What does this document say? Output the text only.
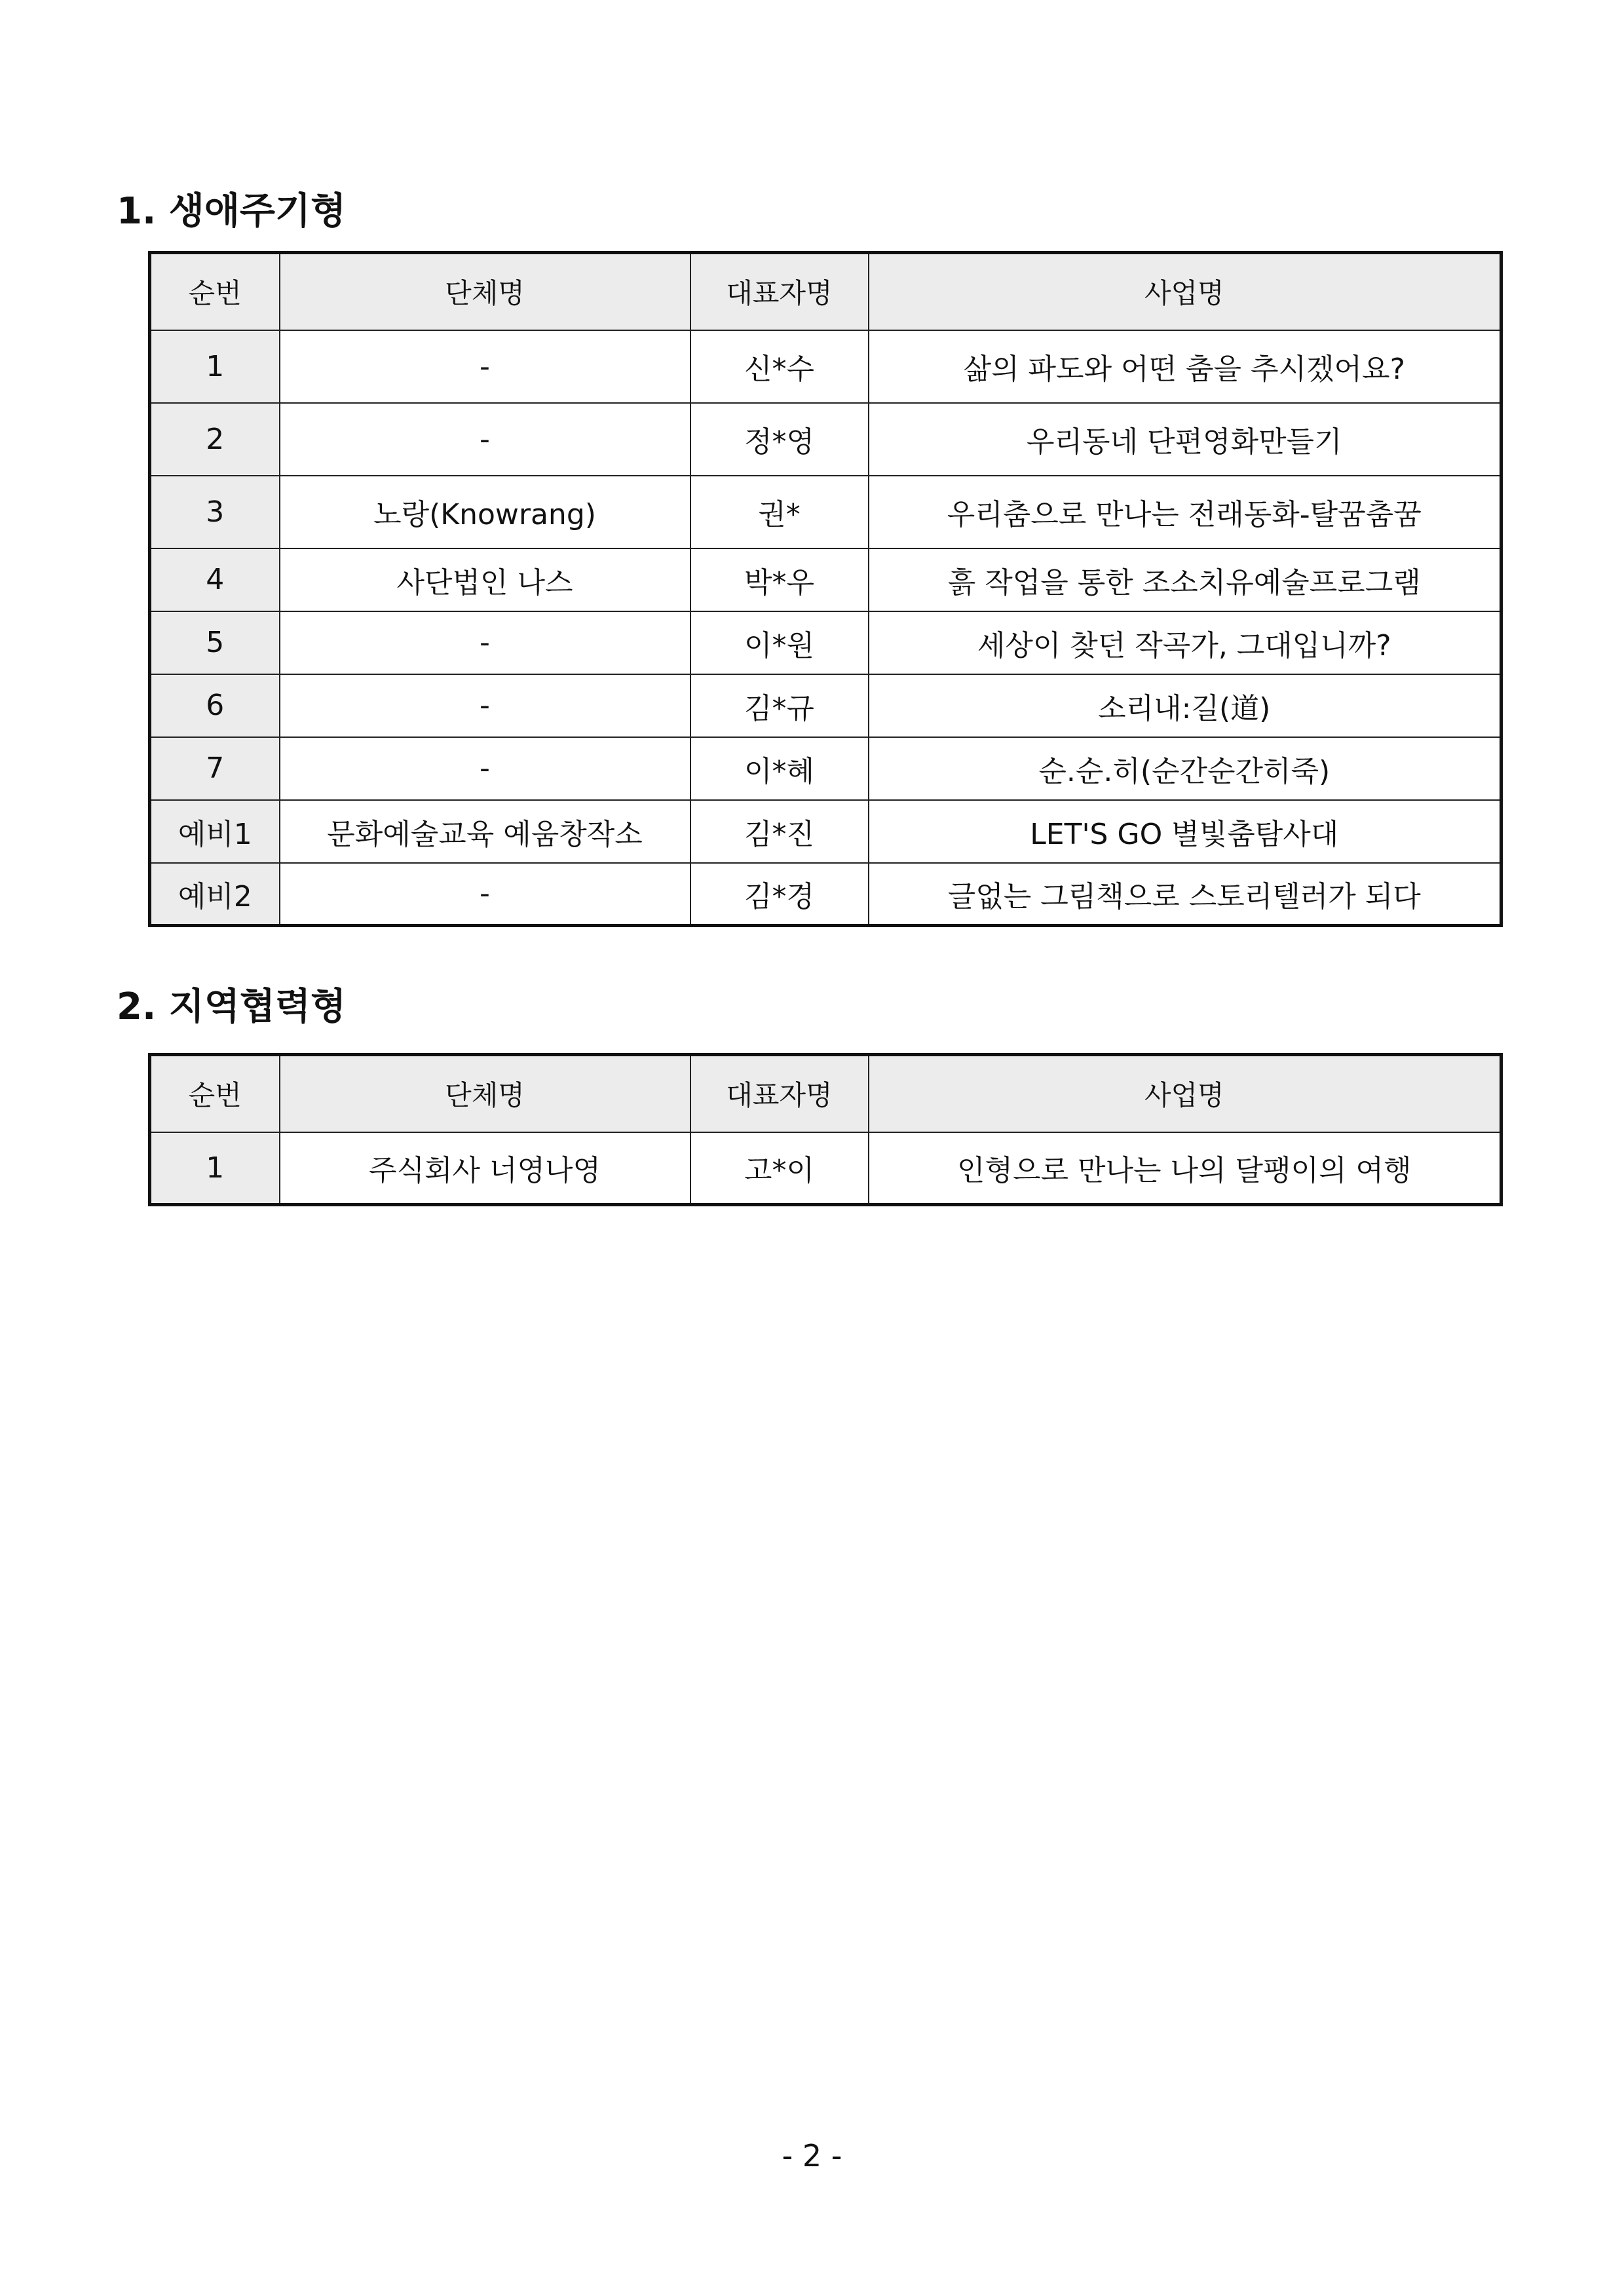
1. 생애주기형
순번	단체명	대표자명	사업명
1	-	신*수	삶의 파도와 어떤 춤을 추시겠어요?
2	-	정*영	우리동네 단편영화만들기
3	노랑(Knowrang)	권*	우리춤으로 만나는 전래동화-탈꿈춤꿈
4	사단법인 나스	박*우	흙 작업을 통한 조소치유예술프로그램
5	-	이*원	세상이 찾던 작곡가, 그대입니까?
6	-	김*규	소리내:길(道)
7	-	이*혜	순.순.히(순간순간히죽)
예비1	문화예술교육 예움창작소	김*진	LET'S GO 별빛춤탐사대
예비2	-	김*경	글없는 그림책으로 스토리텔러가 되다
2. 지역협력형
순번	단체명	대표자명	사업명
1	주식회사 너영나영	고*이	인형으로 만나는 나의 달팽이의 여행
- 2 -
